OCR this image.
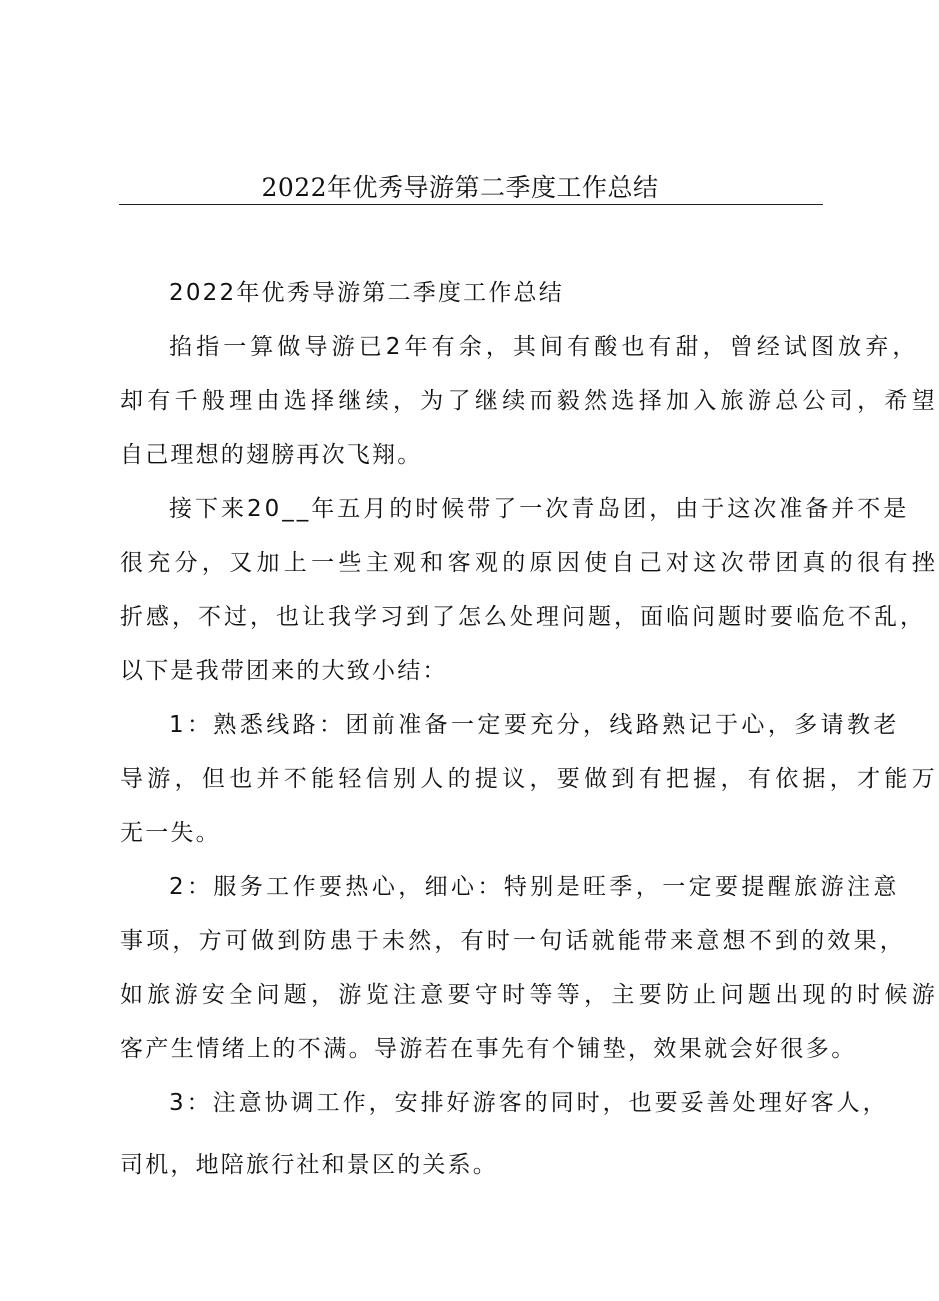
2022年优秀导游第二季度工作总结
2022年优秀导游第二季度工作总结
掐指一算做导游已2年有余，其间有酸也有甜，曾经试图放弃，
却有千般理由选择继续，为了继续而毅然选择加入旅游总公司，希望
自己理想的翅膀再次飞翔。
接下来20__年五月的时候带了一次青岛团，由于这次准备并不是
很充分，又加上一些主观和客观的原因使自己对这次带团真的很有挫
折感，不过，也让我学习到了怎么处理问题，面临问题时要临危不乱，
以下是我带团来的大致小结：
1：熟悉线路：团前准备一定要充分，线路熟记于心，多请教老
导游，但也并不能轻信别人的提议，要做到有把握，有依据，才能万
无一失。
2：服务工作要热心，细心：特别是旺季，一定要提醒旅游注意
事项，方可做到防患于未然，有时一句话就能带来意想不到的效果，
如旅游安全问题，游览注意要守时等等，主要防止问题出现的时候游
客产生情绪上的不满。导游若在事先有个铺垫，效果就会好很多。
3：注意协调工作，安排好游客的同时，也要妥善处理好客人，
司机，地陪旅行社和景区的关系。
